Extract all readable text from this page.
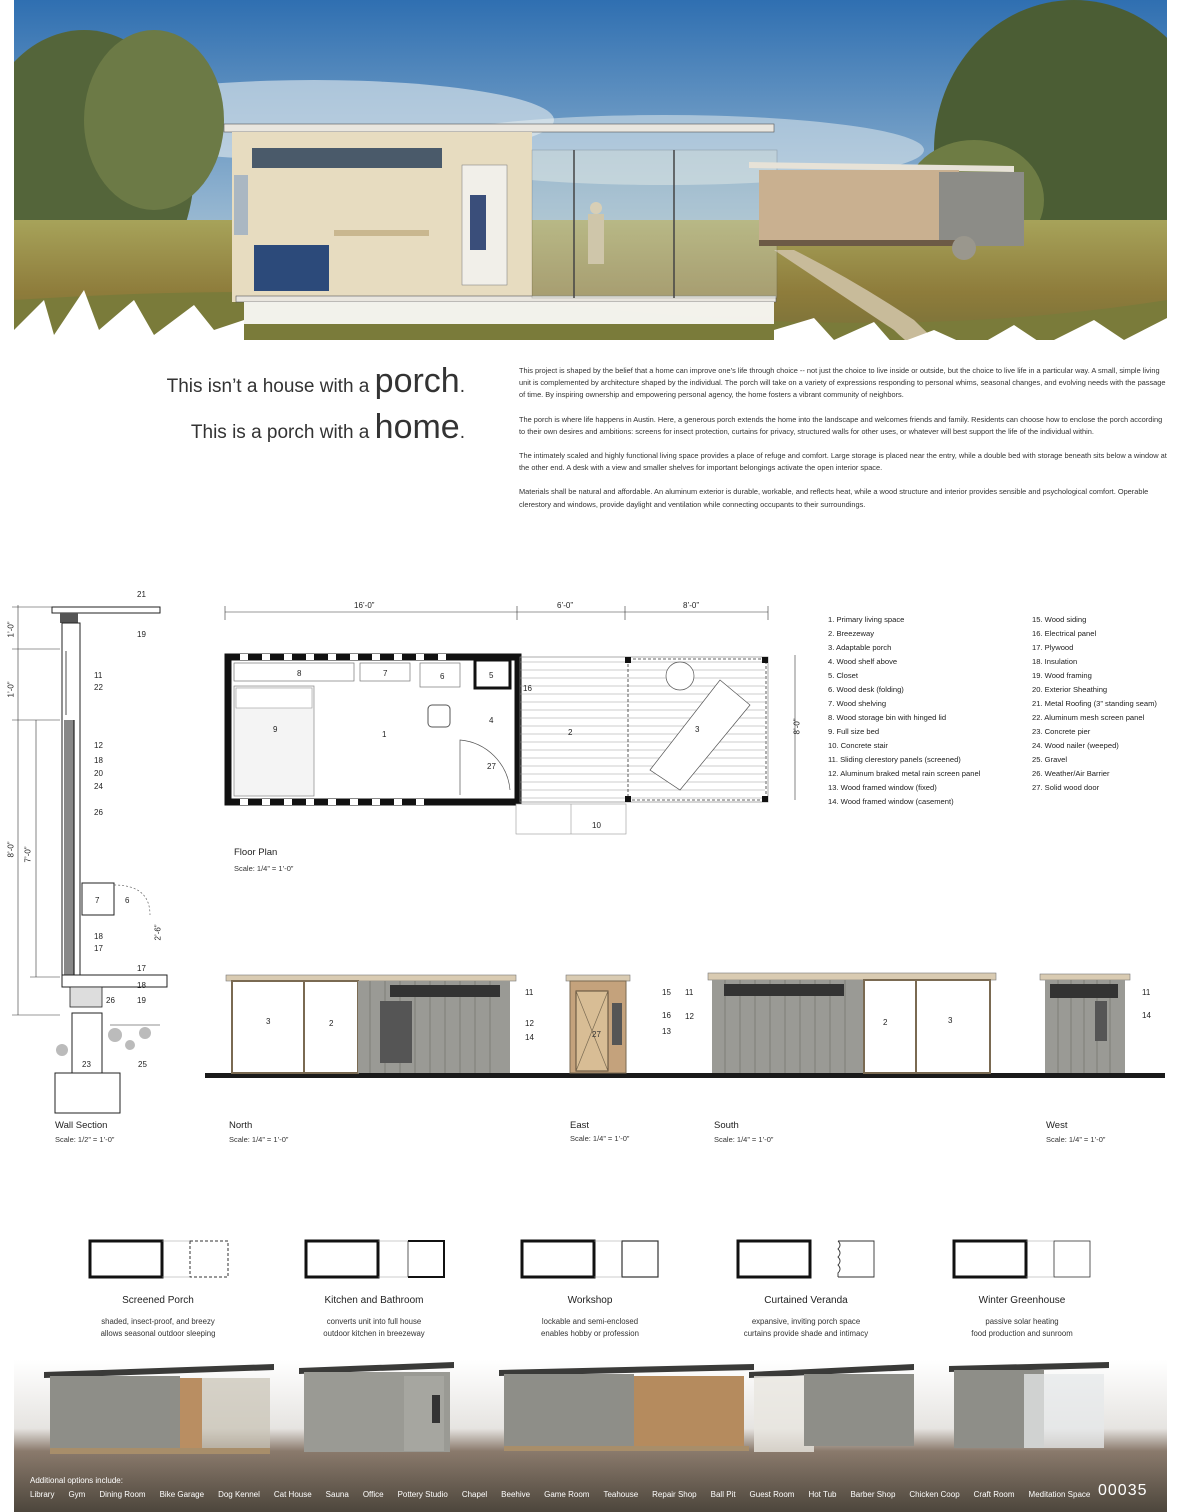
This isn’t a house with a porch.
This is a porch with a home.

This project is shaped by the belief that a home can improve one’s life through choice -- not just the choice to live inside or outside, but the choice to live life in a particular way. A small, simple living unit is complemented by architecture shaped by the individual. The porch will take on a variety of expressions responding to personal whims, seasonal changes, and evolving needs with the passage of time. By inspiring ownership and empowering personal agency, the home fosters a vibrant community of neighbors.

The porch is where life happens in Austin. Here, a generous porch extends the home into the landscape and welcomes friends and family. Residents can choose how to enclose the porch according to their own desires and ambitions: screens for insect protection, curtains for privacy, structured walls for other uses, or whatever will best support the life of the individual within.

The intimately scaled and highly functional living space provides a place of refuge and comfort. Large storage is placed near the entry, while a double bed with storage beneath sits below a window at the other end. A desk with a view and smaller shelves for important belongings activate the open interior space.

Materials shall be natural and affordable. An aluminum exterior is durable, workable, and reflects heat, while a wood structure and interior provides sensible and psychological comfort. Operable clerestory and windows, provide daylight and ventilation while connecting occupants to their surroundings.

1’-0”
1’-0”
8’-0” 7’-0”
2’-6”
21
19
11
22
12
18
20
24
26
7	6
18
17
17
18
26	19
23	25
Wall Section
Scale: 1/2” = 1’-0”
16’-0”	6’-0”	8’-0”
8’-0”
8	7	6	5
16
4
9
1	2	3
27
10
Floor Plan
Scale: 1/4” = 1’-0”
1. Primary living space
2. Breezeway
3. Adaptable porch
4. Wood shelf above
5. Closet
6. Wood desk (folding)
7. Wood shelving
8. Wood storage bin with hinged lid
9. Full size bed
10. Concrete stair
11. Sliding clerestory panels (screened)
12. Aluminum braked metal rain screen panel
13. Wood framed window (fixed)
14. Wood framed window (casement)
15. Wood siding
16. Electrical panel
17. Plywood
18. Insulation
19. Wood framing
20. Exterior Sheathing
21. Metal Roofing (3” standing seam)
22. Aluminum mesh screen panel
23. Concrete pier
24. Wood nailer (weeped)
25. Gravel
26. Weather/Air Barrier
27. Solid wood door
3	2
11
12
14
15
16
13
27
11
12
2	3
11
14
North
Scale: 1/4” = 1’-0”
East
Scale: 1/4” = 1’-0”
South
Scale: 1/4” = 1’-0”
West
Scale: 1/4” = 1’-0”
Screened Porch
shaded, insect-proof, and breezy
allows seasonal outdoor sleeping
Kitchen and Bathroom
converts unit into full house
outdoor kitchen in breezeway
Workshop
lockable and semi-enclosed
enables hobby or profession
Curtained Veranda
expansive, inviting porch space
curtains provide shade and intimacy
Winter Greenhouse
passive solar heating
food production and sunroom
Additional options include:
Library Gym Dining Room Bike Garage Dog Kennel Cat House Sauna Office Pottery Studio Chapel Beehive Game Room Teahouse Repair Shop Ball Pit Guest Room Hot Tub Barber Shop Chicken Coop Craft Room Meditation Space 00035
